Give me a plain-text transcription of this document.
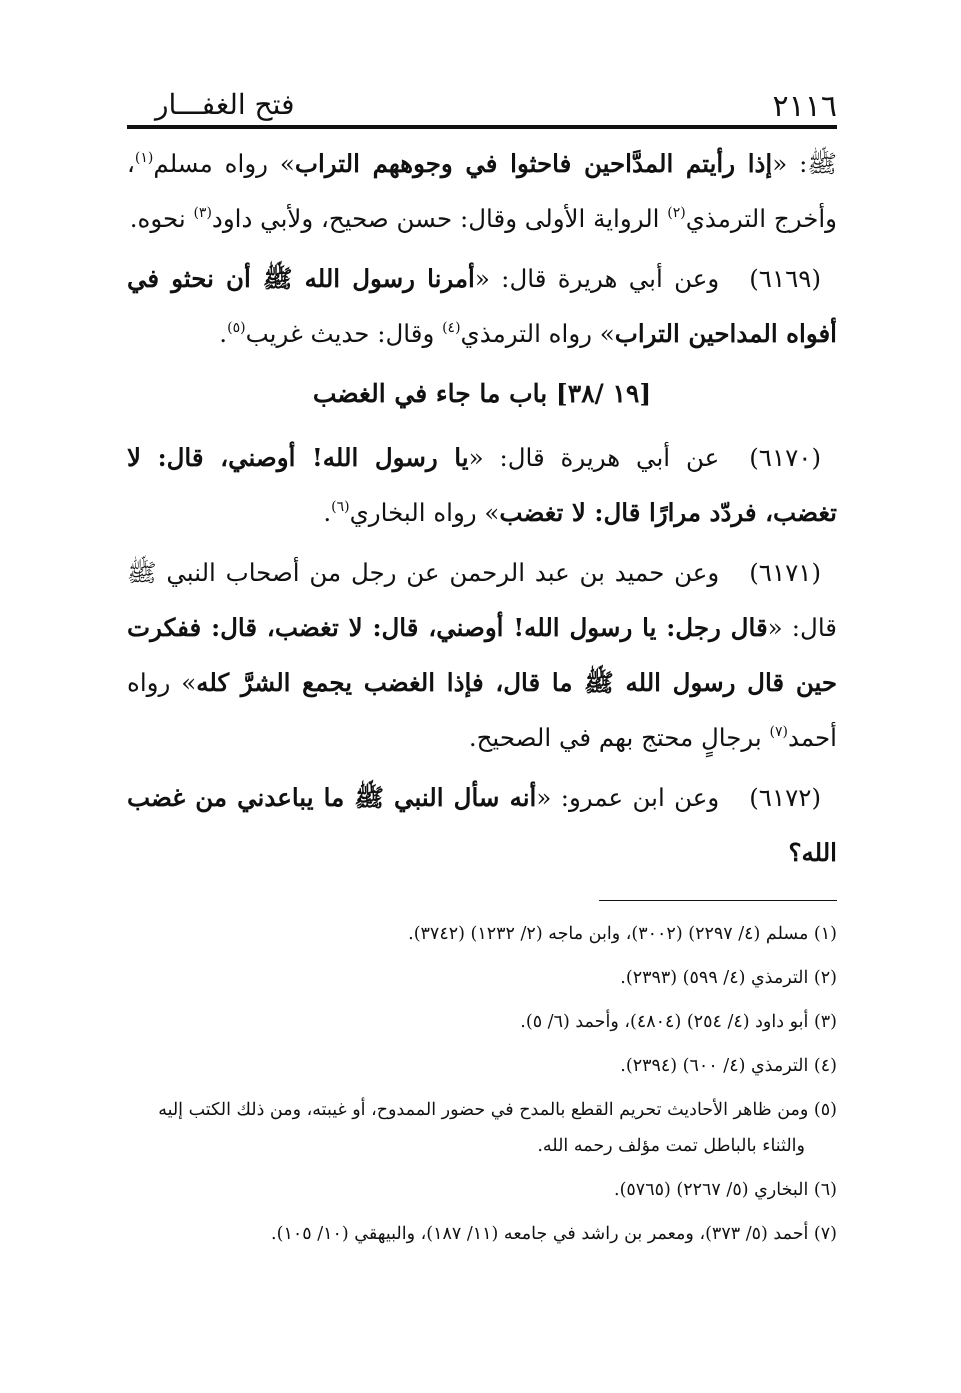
٢١١٦
فتح الغفـــار

ﷺ: «إذا رأيتم المدَّاحين فاحثوا في وجوههم التراب» رواه مسلم$^{(١)}$، وأخرج الترمذي$^{(٢)}$ الرواية الأولى وقال: حسن صحيح، ولأبي داود$^{(٣)}$ نحوه.

(٦١٦٩)وعن أبي هريرة قال: «أمرنا رسول الله ﷺ أن نحثو في أفواه المداحين التراب» رواه الترمذي$^{(٤)}$ وقال: حديث غريب$^{(٥)}$.

[١٩ /٣٨] باب ما جاء في الغضب

(٦١٧٠)عن أبي هريرة قال: «يا رسول الله! أوصني، قال: لا تغضب، فردّد مرارًا قال: لا تغضب» رواه البخاري$^{(٦)}$.

(٦١٧١)وعن حميد بن عبد الرحمن عن رجل من أصحاب النبي ﷺ قال: «قال رجل: يا رسول الله! أوصني، قال: لا تغضب، قال: ففكرت حين قال رسول الله ﷺ ما قال، فإذا الغضب يجمع الشرَّ كله» رواه أحمد$^{(٧)}$ برجالٍ محتج بهم في الصحيح.

(٦١٧٢)وعن ابن عمرو: «أنه سأل النبي ﷺ ما يباعدني من غضب الله؟

(١) مسلم (٤/ ٢٢٩٧) (٣٠٠٢)، وابن ماجه (٢/ ١٢٣٢) (٣٧٤٢).

(٢) الترمذي (٤/ ٥٩٩) (٢٣٩٣).

(٣) أبو داود (٤/ ٢٥٤) (٤٨٠٤)، وأحمد (٦/ ٥).

(٤) الترمذي (٤/ ٦٠٠) (٢٣٩٤).

(٥) ومن ظاهر الأحاديث تحريم القطع بالمدح في حضور الممدوح، أو غيبته، ومن ذلك الكتب إليه
والثناء بالباطل تمت مؤلف رحمه الله.

(٦) البخاري (٥/ ٢٢٦٧) (٥٧٦٥).

(٧) أحمد (٥/ ٣٧٣)، ومعمر بن راشد في جامعه (١١/ ١٨٧)، والبيهقي (١٠/ ١٠٥).
